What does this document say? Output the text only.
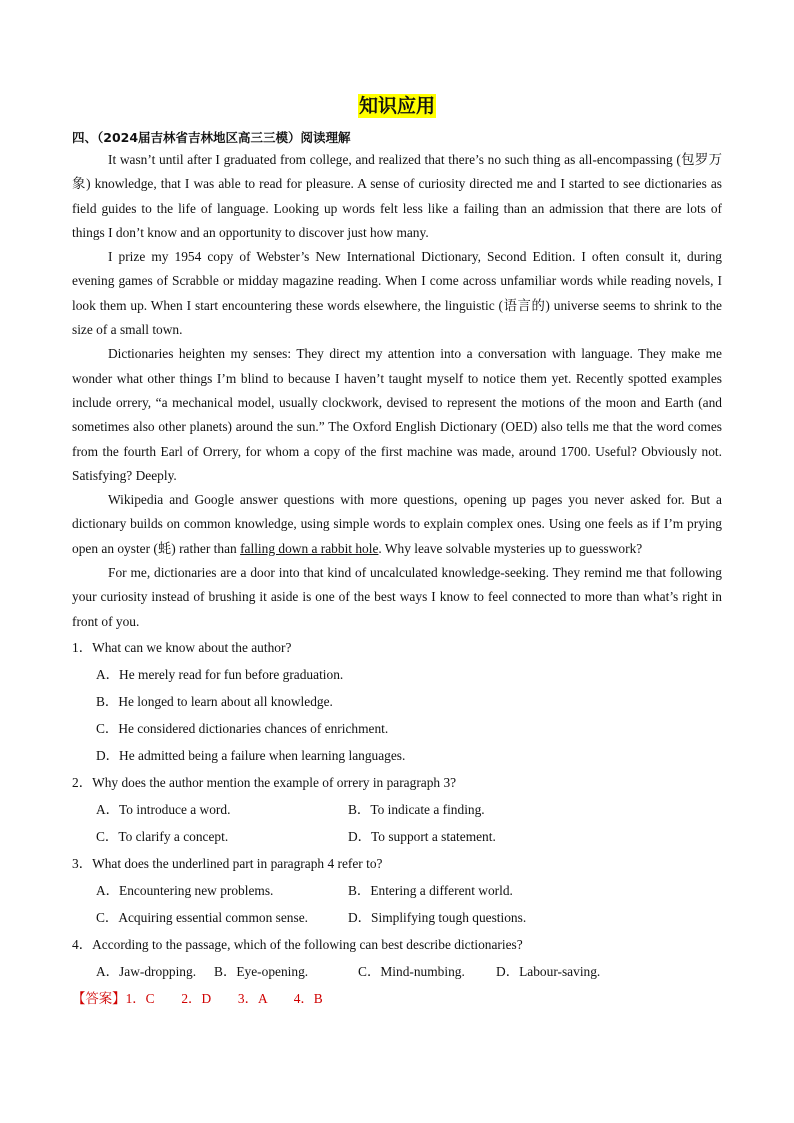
知识应用
四、（2024届吉林省吉林地区高三三模）阅读理解

It wasn’t until after I graduated from college, and realized that there’s no such thing as all-encompassing (包罗万象) knowledge, that I was able to read for pleasure. A sense of curiosity directed me and I started to see dictionaries as field guides to the life of language. Looking up words felt less like a failing than an admission that there are lots of things I don’t know and an opportunity to discover just how many.

I prize my 1954 copy of Webster’s New International Dictionary, Second Edition. I often consult it, during evening games of Scrabble or midday magazine reading. When I come across unfamiliar words while reading novels, I look them up. When I start encountering these words elsewhere, the linguistic (语言的) universe seems to shrink to the size of a small town.

Dictionaries heighten my senses: They direct my attention into a conversation with language. They make me wonder what other things I’m blind to because I haven’t taught myself to notice them yet. Recently spotted examples include orrery, “a mechanical model, usually clockwork, devised to represent the motions of the moon and Earth (and sometimes also other planets) around the sun.” The Oxford English Dictionary (OED) also tells me that the word comes from the fourth Earl of Orrery, for whom a copy of the first machine was made, around 1700. Useful? Obviously not. Satisfying? Deeply.

Wikipedia and Google answer questions with more questions, opening up pages you never asked for. But a dictionary builds on common knowledge, using simple words to explain complex ones. Using one feels as if I’m prying open an oyster (蚝) rather than falling down a rabbit hole. Why leave solvable mysteries up to guesswork?

For me, dictionaries are a door into that kind of uncalculated knowledge-seeking. They remind me that following your curiosity instead of brushing it aside is one of the best ways I know to feel connected to more than what’s right in front of you.

1．What can we know about the author?

A．He merely read for fun before graduation.
B．He longed to learn about all knowledge.
C．He considered dictionaries chances of enrichment.
D．He admitted being a failure when learning languages.

2．Why does the author mention the example of orrery in paragraph 3?

A．To introduce a word.	B．To indicate a finding.
C．To clarify a concept.	D．To support a statement.

3．What does the underlined part in paragraph 4 refer to?

A．Encountering new problems.	B．Entering a different world.
C．Acquiring essential common sense.	D．Simplifying tough questions.

4．According to the passage, which of the following can best describe dictionaries?

A．Jaw-dropping. B．Eye-opening.	C．Mind-numbing.	D．Labour-saving.
【答案】1．C　　2．D　　3．A　　4．B
